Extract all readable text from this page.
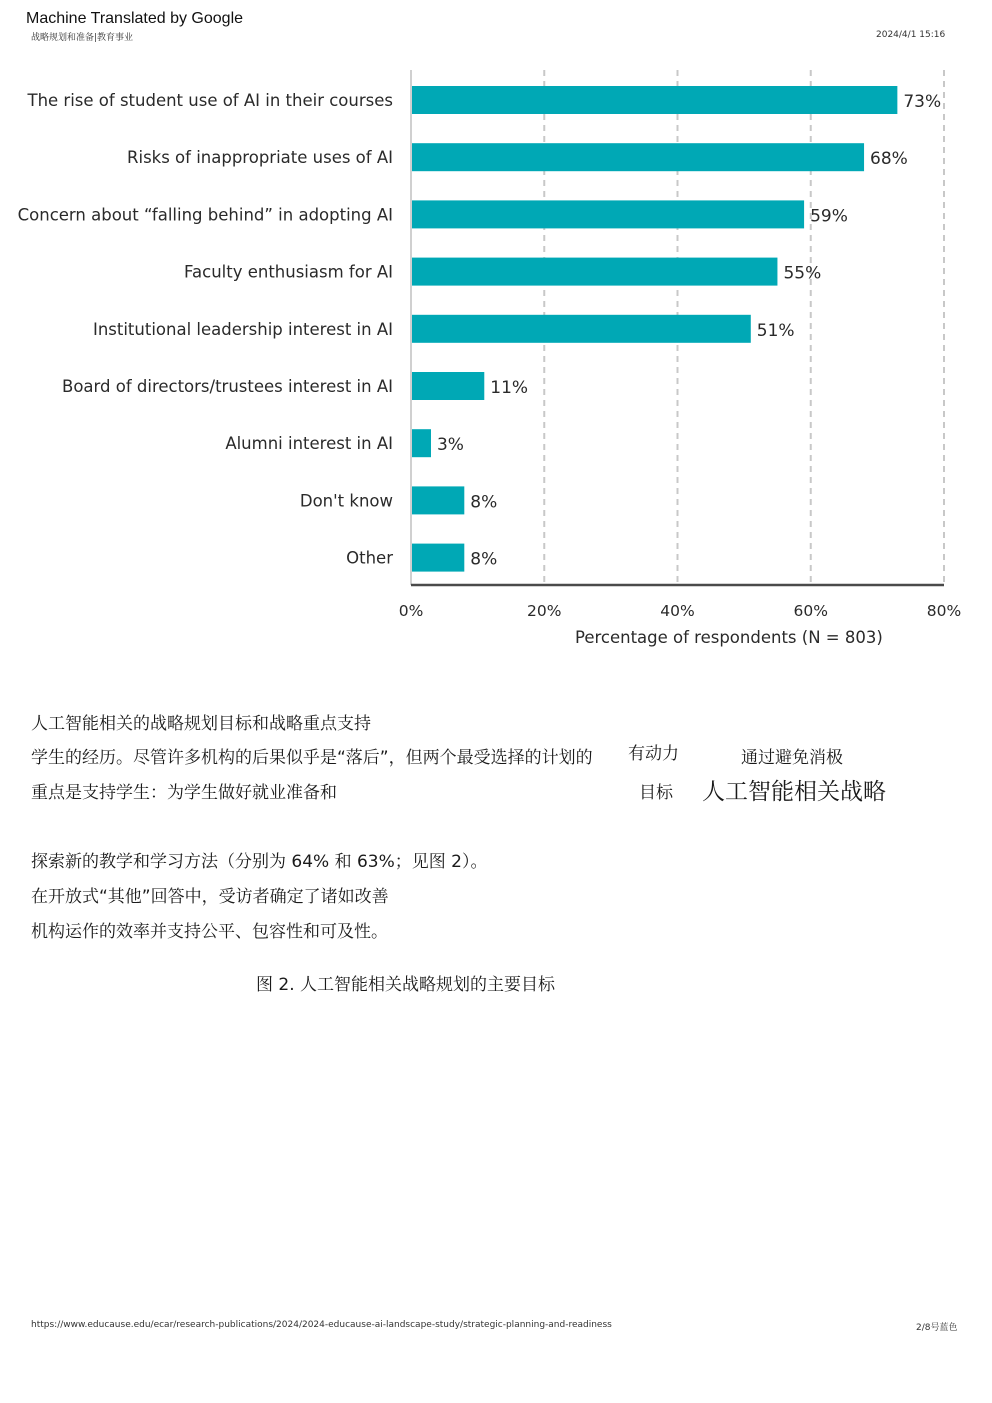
Machine Translated by Google
战略规划和准备|教育事业	2024/4/1 15:16
The rise of student use of AI in their courses	73%
Risks of inappropriate uses of AI	68%
Concern about “falling behind” in adopting AI	59%
Faculty enthusiasm for AI	55%
Institutional leadership interest in AI	51%
Board of directors/trustees interest in AI	11%
Alumni interest in AI	3%
Don't know	8%
Other	8%
0%	20%	40%	60%	80%
Percentage of respondents (N = 803)
人工智能相关的战略规划目标和战略重点支持
学生的经历。尽管许多机构的后果似乎是“落后”，但两个最受选择的计划的 有动力	通过避免消极
重点是支持学生：为学生做好就业准备和	目标 人工智能相关战略
探索新的教学和学习方法（分别为 64% 和 63%；见图 2）。
在开放式“其他”回答中，受访者确定了诸如改善
机构运作的效率并支持公平、包容性和可及性。
图 2. 人工智能相关战略规划的主要目标
https://www.educause.edu/ecar/research-publications/2024/2024-educause-ai-landscape-study/strategic-planning-and-readiness	2/8号蓝色
